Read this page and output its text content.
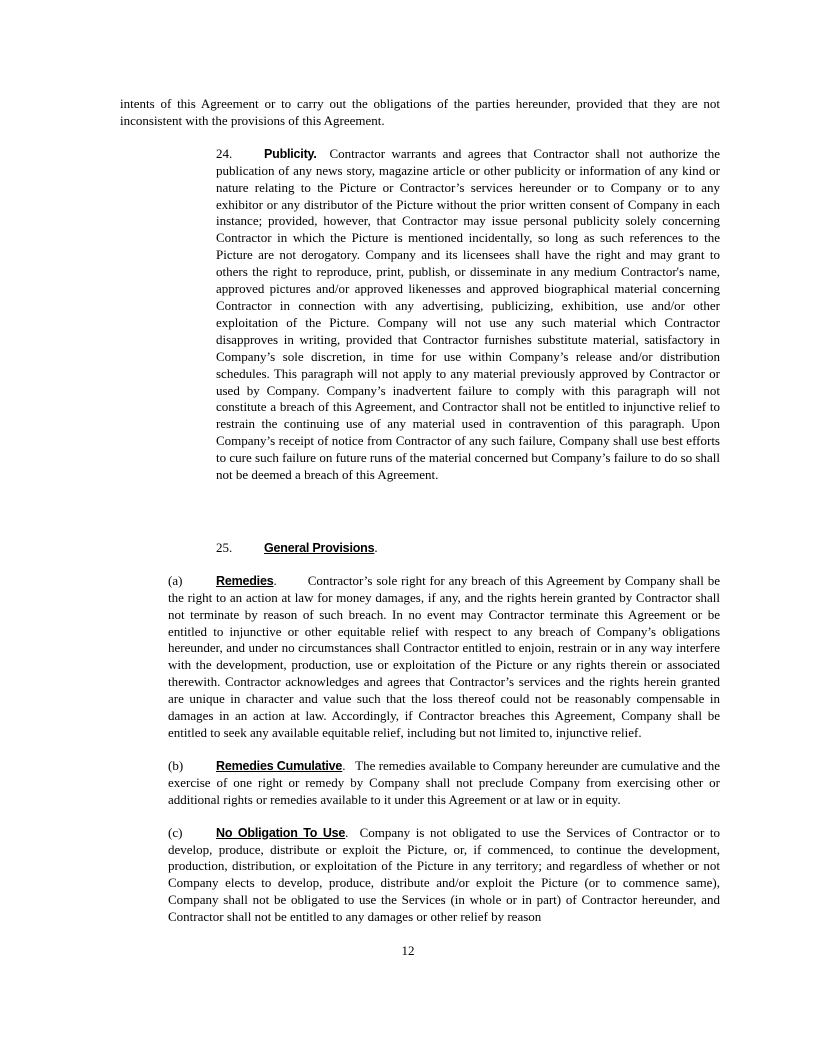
intents of this Agreement or to carry out the obligations of the parties hereunder, provided that they are not inconsistent with the provisions of this Agreement.

24.	Publicity. Contractor warrants and agrees that Contractor shall not authorize the publication of any news story, magazine article or other publicity or information of any kind or nature relating to the Picture or Contractor’s services hereunder or to Company or to any exhibitor or any distributor of the Picture without the prior written consent of Company in each instance; provided, however, that Contractor may issue personal publicity solely concerning Contractor in which the Picture is mentioned incidentally, so long as such references to the Picture are not derogatory. Company and its licensees shall have the right and may grant to others the right to reproduce, print, publish, or disseminate in any medium Contractor's name, approved pictures and/or approved likenesses and approved biographical material concerning Contractor in connection with any advertising, publicizing, exhibition, use and/or other exploitation of the Picture. Company will not use any such material which Contractor disapproves in writing, provided that Contractor furnishes substitute material, satisfactory in Company’s sole discretion, in time for use within Company’s release and/or distribution schedules. This paragraph will not apply to any material previously approved by Contractor or used by Company. Company’s inadvertent failure to comply with this paragraph will not constitute a breach of this Agreement, and Contractor shall not be entitled to injunctive relief to restrain the continuing use of any material used in contravention of this paragraph. Upon Company’s receipt of notice from Contractor of any such failure, Company shall use best efforts to cure such failure on future runs of the material concerned but Company’s failure to do so shall not be deemed a breach of this Agreement.

25.	General Provisions.

(a)	Remedies. Contractor’s sole right for any breach of this Agreement by Company shall be the right to an action at law for money damages, if any, and the rights herein granted by Contractor shall not terminate by reason of such breach. In no event may Contractor terminate this Agreement or be entitled to injunctive or other equitable relief with respect to any breach of Company’s obligations hereunder, and under no circumstances shall Contractor entitled to enjoin, restrain or in any way interfere with the development, production, use or exploitation of the Picture or any rights therein or associated therewith. Contractor acknowledges and agrees that Contractor’s services and the rights herein granted are unique in character and value such that the loss thereof could not be reasonably compensable in damages in an action at law. Accordingly, if Contractor breaches this Agreement, Company shall be entitled to seek any available equitable relief, including but not limited to, injunctive relief.

(b)	Remedies Cumulative. The remedies available to Company hereunder are cumulative and the exercise of one right or remedy by Company shall not preclude Company from exercising other or additional rights or remedies available to it under this Agreement or at law or in equity.

(c)	No Obligation To Use. Company is not obligated to use the Services of Contractor or to develop, produce, distribute or exploit the Picture, or, if commenced, to continue the development, production, distribution, or exploitation of the Picture in any territory; and regardless of whether or not Company elects to develop, produce, distribute and/or exploit the Picture (or to commence same), Company shall not be obligated to use the Services (in whole or in part) of Contractor hereunder, and Contractor shall not be entitled to any damages or other relief by reason

12
